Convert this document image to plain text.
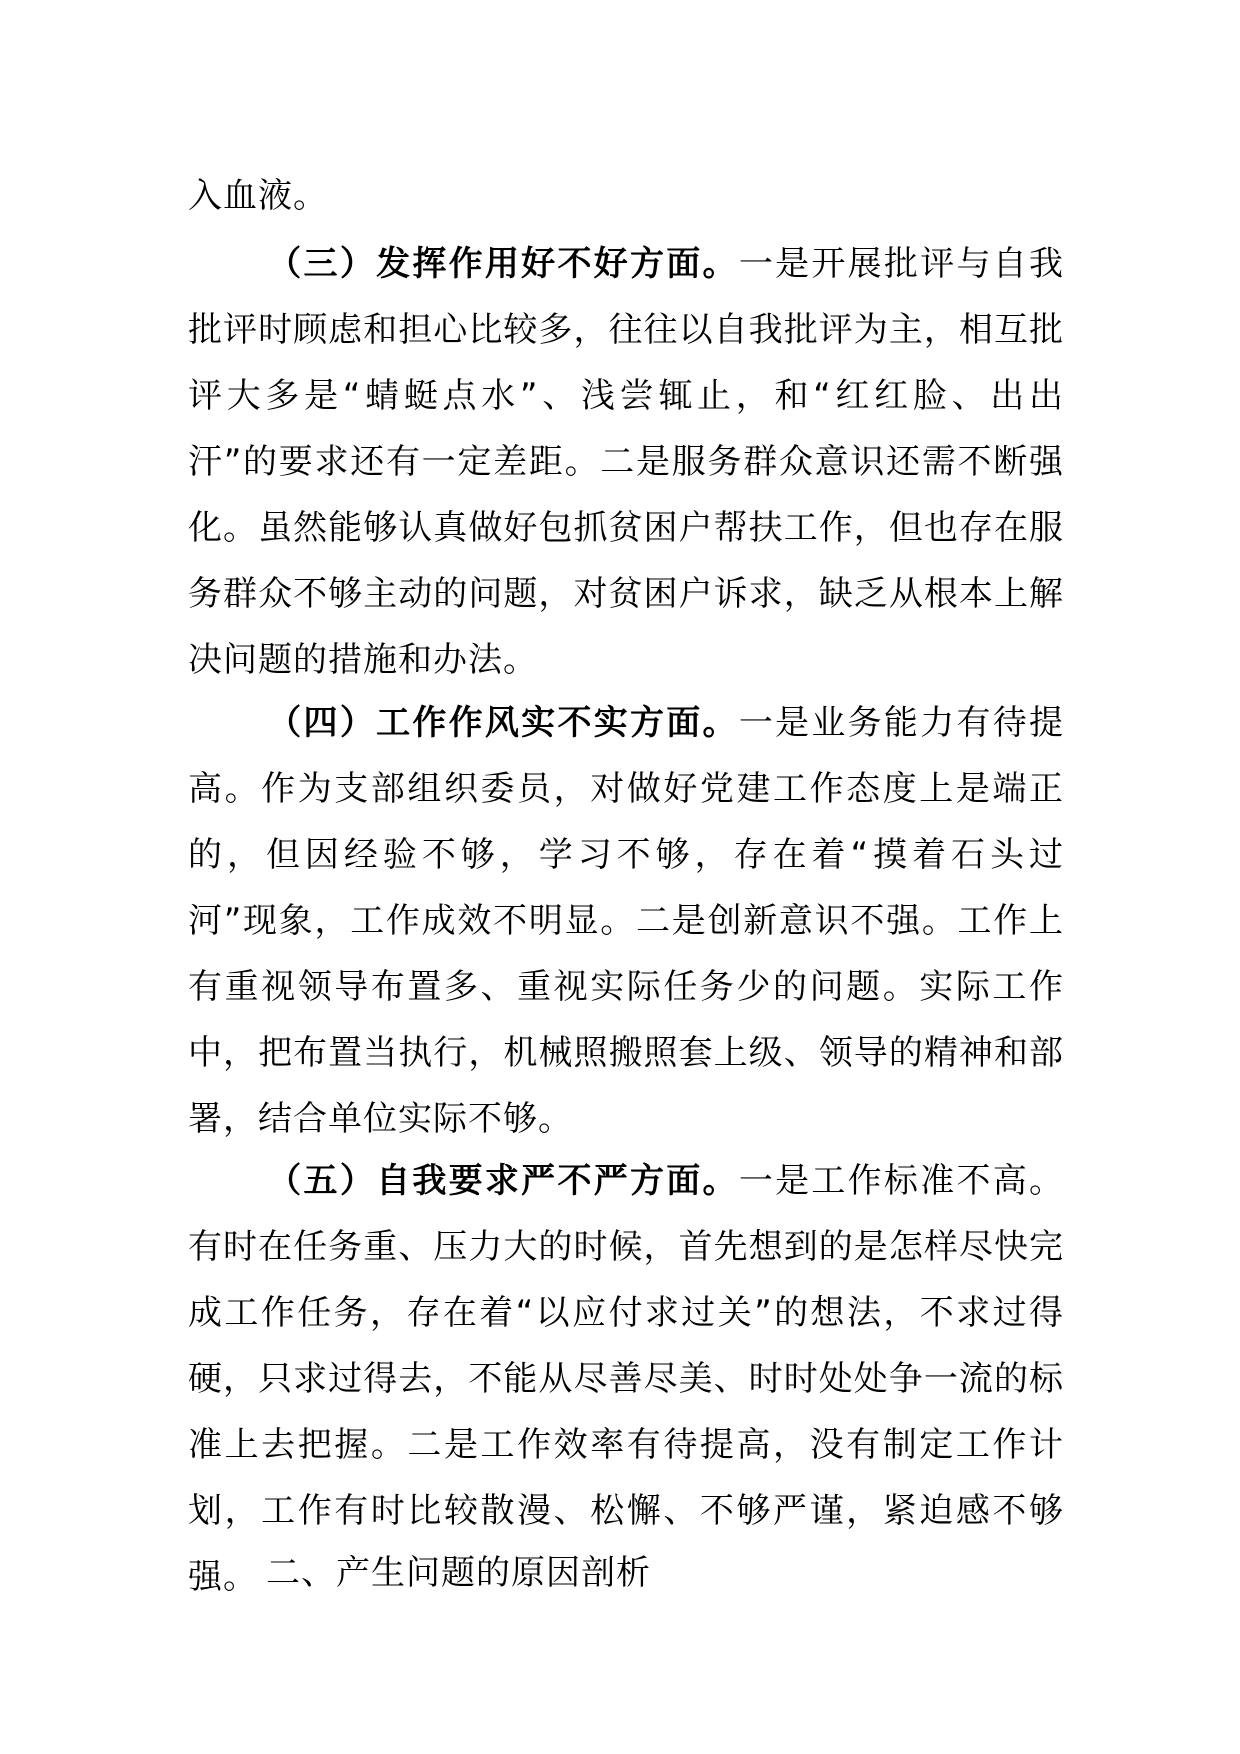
入血液。

（三）发挥作用好不好方面。一是开展批评与自我批评时顾虑和担心比较多，往往以自我批评为主，相互批评大多是“蜻蜓点水”、浅尝辄止，和“红红脸、出出汗”的要求还有一定差距。二是服务群众意识还需不断强化。虽然能够认真做好包抓贫困户帮扶工作，但也存在服务群众不够主动的问题，对贫困户诉求，缺乏从根本上解决问题的措施和办法。

（四）工作作风实不实方面。一是业务能力有待提高。作为支部组织委员，对做好党建工作态度上是端正的，但因经验不够，学习不够，存在着“摸着石头过河”现象，工作成效不明显。二是创新意识不强。工作上有重视领导布置多、重视实际任务少的问题。实际工作中，把布置当执行，机械照搬照套上级、领导的精神和部署，结合单位实际不够。

（五）自我要求严不严方面。一是工作标准不高。有时在任务重、压力大的时候，首先想到的是怎样尽快完成工作任务，存在着“以应付求过关”的想法，不求过得硬，只求过得去，不能从尽善尽美、时时处处争一流的标准上去把握。二是工作效率有待提高，没有制定工作计划，工作有时比较散漫、松懈、不够严谨，紧迫感不够强。 二、产生问题的原因剖析
